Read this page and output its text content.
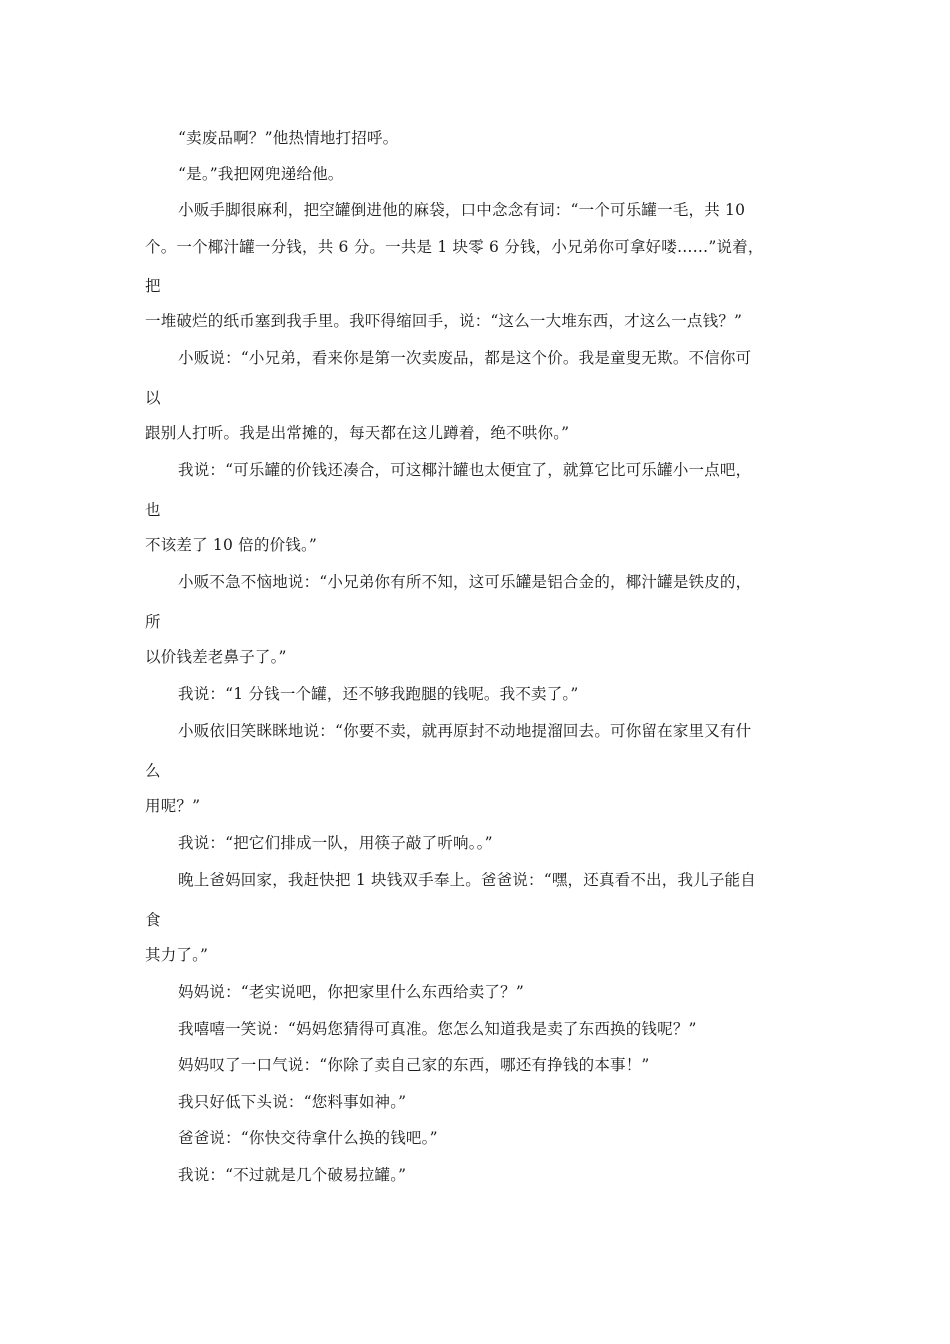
“卖废品啊？”他热情地打招呼。
“是。”我把网兜递给他。
小贩手脚很麻利，把空罐倒进他的麻袋，口中念念有词：“一个可乐罐一毛，共 10
个。一个椰汁罐一分钱，共 6 分。一共是 1 块零 6 分钱，小兄弟你可拿好喽……”说着，
把
一堆破烂的纸币塞到我手里。我吓得缩回手，说：“这么一大堆东西，才这么一点钱？”
小贩说：“小兄弟，看来你是第一次卖废品，都是这个价。我是童叟无欺。不信你可
以
跟别人打听。我是出常摊的，每天都在这儿蹲着，绝不哄你。”
我说：“可乐罐的价钱还凑合，可这椰汁罐也太便宜了，就算它比可乐罐小一点吧，
也
不该差了 10 倍的价钱。”
小贩不急不恼地说：“小兄弟你有所不知，这可乐罐是铝合金的，椰汁罐是铁皮的，
所
以价钱差老鼻子了。”
我说：“1 分钱一个罐，还不够我跑腿的钱呢。我不卖了。”
小贩依旧笑眯眯地说：“你要不卖，就再原封不动地提溜回去。可你留在家里又有什
么
用呢？”
我说：“把它们排成一队，用筷子敲了听响。。”
晚上爸妈回家，我赶快把 1 块钱双手奉上。爸爸说：“嘿，还真看不出，我儿子能自
食
其力了。”
妈妈说：“老实说吧，你把家里什么东西给卖了？”
我嘻嘻一笑说：“妈妈您猜得可真准。您怎么知道我是卖了东西换的钱呢？”
妈妈叹了一口气说：“你除了卖自己家的东西，哪还有挣钱的本事！”
我只好低下头说：“您料事如神。”
爸爸说：“你快交待拿什么换的钱吧。”
我说：“不过就是几个破易拉罐。”
